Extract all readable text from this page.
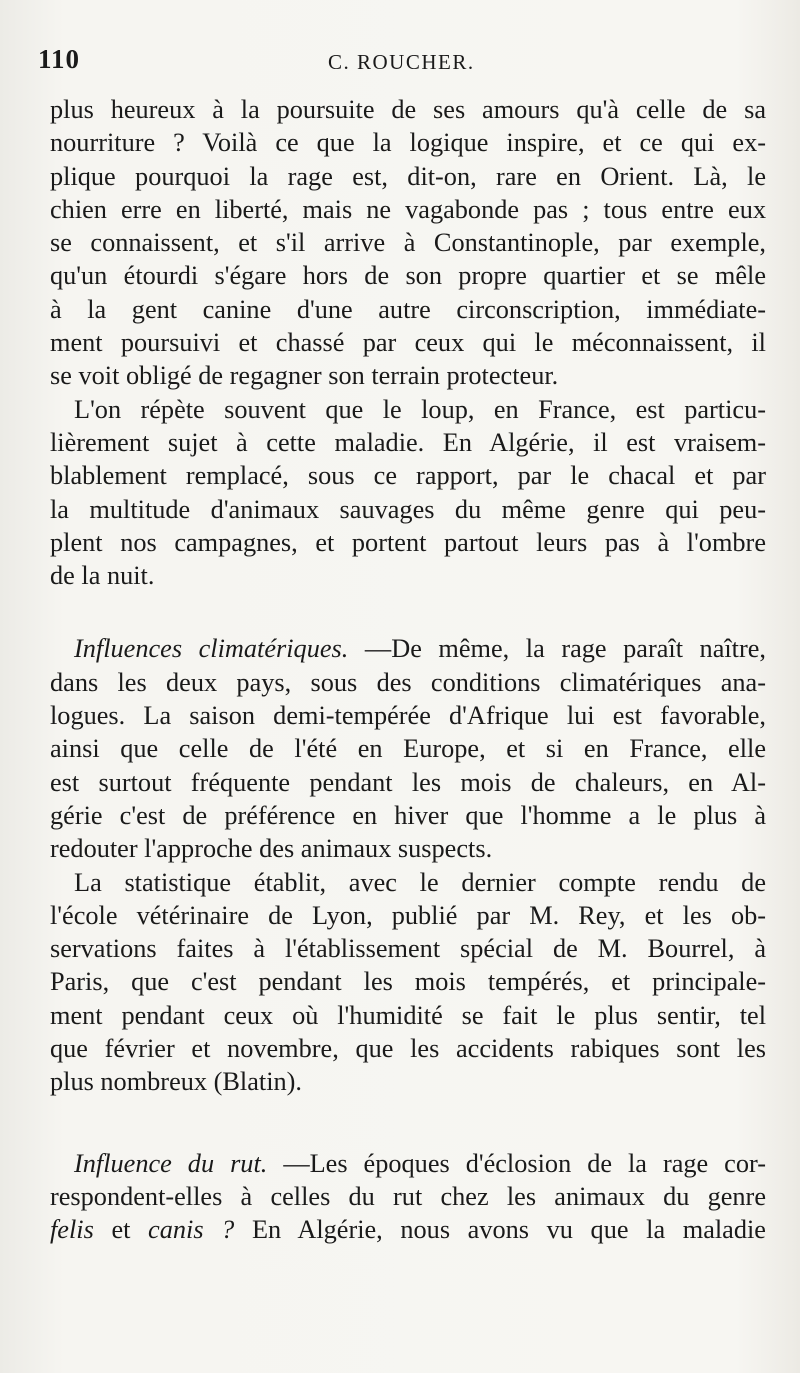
110	C. ROUCHER.
plus heureux à la poursuite de ses amours qu'à celle de sa
nourriture ? Voilà ce que la logique inspire, et ce qui ex-
plique pourquoi la rage est, dit-on, rare en Orient. Là, le
chien erre en liberté, mais ne vagabonde pas ; tous entre eux
se connaissent, et s'il arrive à Constantinople, par exemple,
qu'un étourdi s'égare hors de son propre quartier et se mêle
à la gent canine d'une autre circonscription, immédiate-
ment poursuivi et chassé par ceux qui le méconnaissent, il
se voit obligé de regagner son terrain protecteur.
L'on répète souvent que le loup, en France, est particu-
lièrement sujet à cette maladie. En Algérie, il est vraisem-
blablement remplacé, sous ce rapport, par le chacal et par
la multitude d'animaux sauvages du même genre qui peu-
plent nos campagnes, et portent partout leurs pas à l'ombre
de la nuit.
Influences climatériques. —De même, la rage paraît naître,
dans les deux pays, sous des conditions climatériques ana-
logues. La saison demi-tempérée d'Afrique lui est favorable,
ainsi que celle de l'été en Europe, et si en France, elle
est surtout fréquente pendant les mois de chaleurs, en Al-
gérie c'est de préférence en hiver que l'homme a le plus à
redouter l'approche des animaux suspects.
La statistique établit, avec le dernier compte rendu de
l'école vétérinaire de Lyon, publié par M. Rey, et les ob-
servations faites à l'établissement spécial de M. Bourrel, à
Paris, que c'est pendant les mois tempérés, et principale-
ment pendant ceux où l'humidité se fait le plus sentir, tel
que février et novembre, que les accidents rabiques sont les
plus nombreux (Blatin).
Influence du rut. —Les époques d'éclosion de la rage cor-
respondent-elles à celles du rut chez les animaux du genre
felis et canis ? En Algérie, nous avons vu que la maladie
